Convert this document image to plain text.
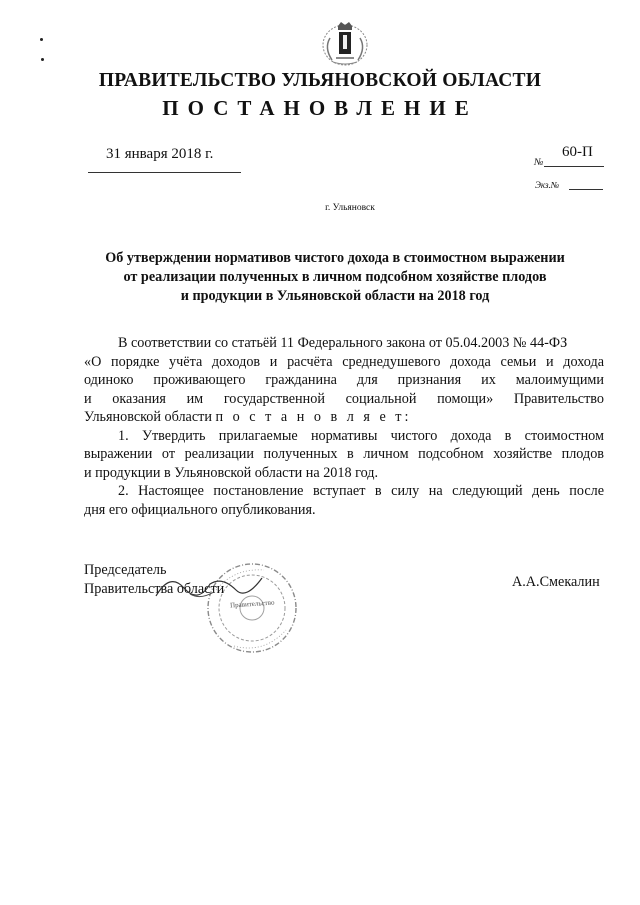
ПРАВИТЕЛЬСТВО УЛЬЯНОВСКОЙ ОБЛАСТИ
ПОСТАНОВЛЕНИЕ
31 января 2018 г.
№
60-П
Экз.№
г. Ульяновск
Об утверждении нормативов чистого дохода в стоимостном выражении
от реализации полученных в личном подсобном хозяйстве плодов
и продукции в Ульяновской области на 2018 год
В соответствии со статьёй 11 Федерального закона от 05.04.2003 № 44-ФЗ
«О порядке учёта доходов и расчёта среднедушевого дохода семьи и дохода
одиноко проживающего гражданина для признания их малоимущими
и оказания им государственной социальной помощи» Правительство
Ульяновской области п о с т а н о в л я е т:
1. Утвердить прилагаемые нормативы чистого дохода в стоимостном
выражении от реализации полученных в личном подсобном хозяйстве плодов
и продукции в Ульяновской области на 2018 год.
2. Настоящее постановление вступает в силу на следующий день после
дня его официального опубликования.
Правительство
Председатель
Правительства области	А.А.Смекалин
